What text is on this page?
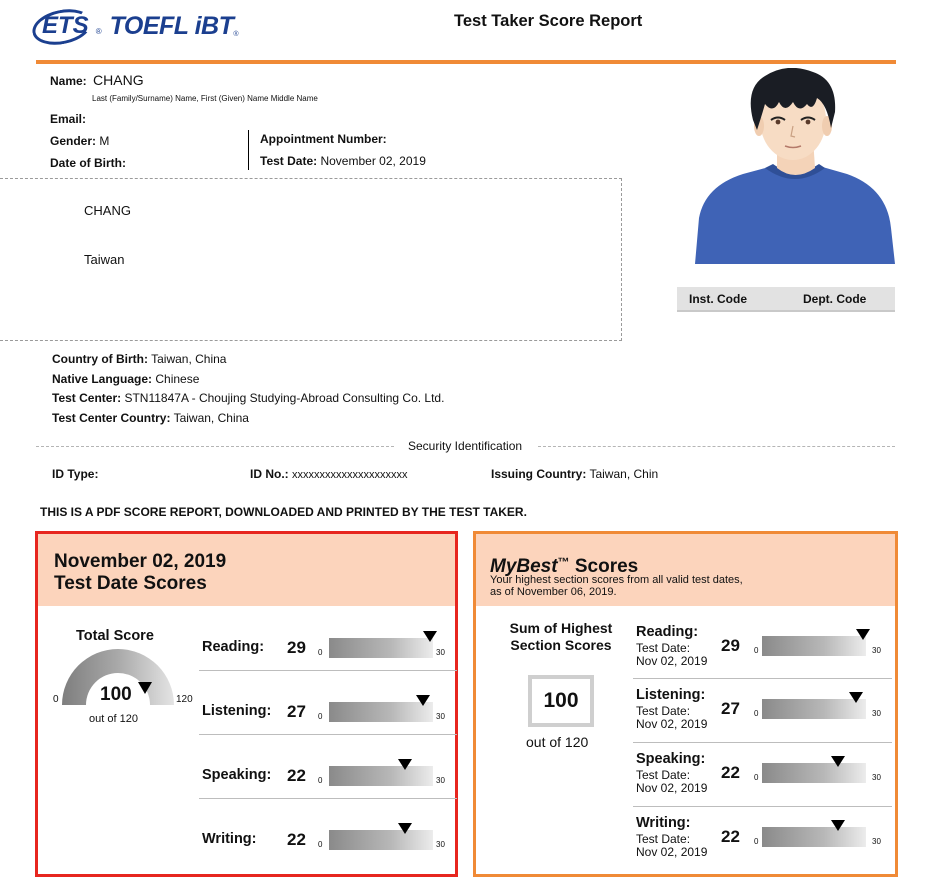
ETS ® TOEFL iBT ®
Test Taker Score Report
Name: CHANG
Last (Family/Surname) Name, First (Given) Name Middle Name
Email:
Gender: M
Date of Birth:
Appointment Number:
Test Date: November 02, 2019
CHANG
Taiwan
Inst. Code	Dept. Code
Country of Birth: Taiwan, China
Native Language: Chinese
Test Center: STN11847A - Choujing Studying-Abroad Consulting Co. Ltd.
Test Center Country: Taiwan, China
Security Identification
ID Type:	ID No.: xxxxxxxxxxxxxxxxxxxxx	Issuing Country: Taiwan, Chin
THIS IS A PDF SCORE REPORT, DOWNLOADED AND PRINTED BY THE TEST TAKER.
November 02, 2019
Test Date Scores
Total Score
0	120
100
out of 120
Reading: 29 0	30
Listening: 27 0	30
Speaking: 22 0	30
Writing: 22 0	30
MyBest™ Scores
Your highest section scores from all valid test dates,
as of November 06, 2019.
Sum of Highest
Section Scores
100
out of 120
Reading:
Test Date:
Nov 02, 2019
29 0	30
Listening:
Test Date:
Nov 02, 2019
27 0	30
Speaking:
Test Date:
Nov 02, 2019
22 0	30
Writing:
Test Date:
Nov 02, 2019
22 0	30
